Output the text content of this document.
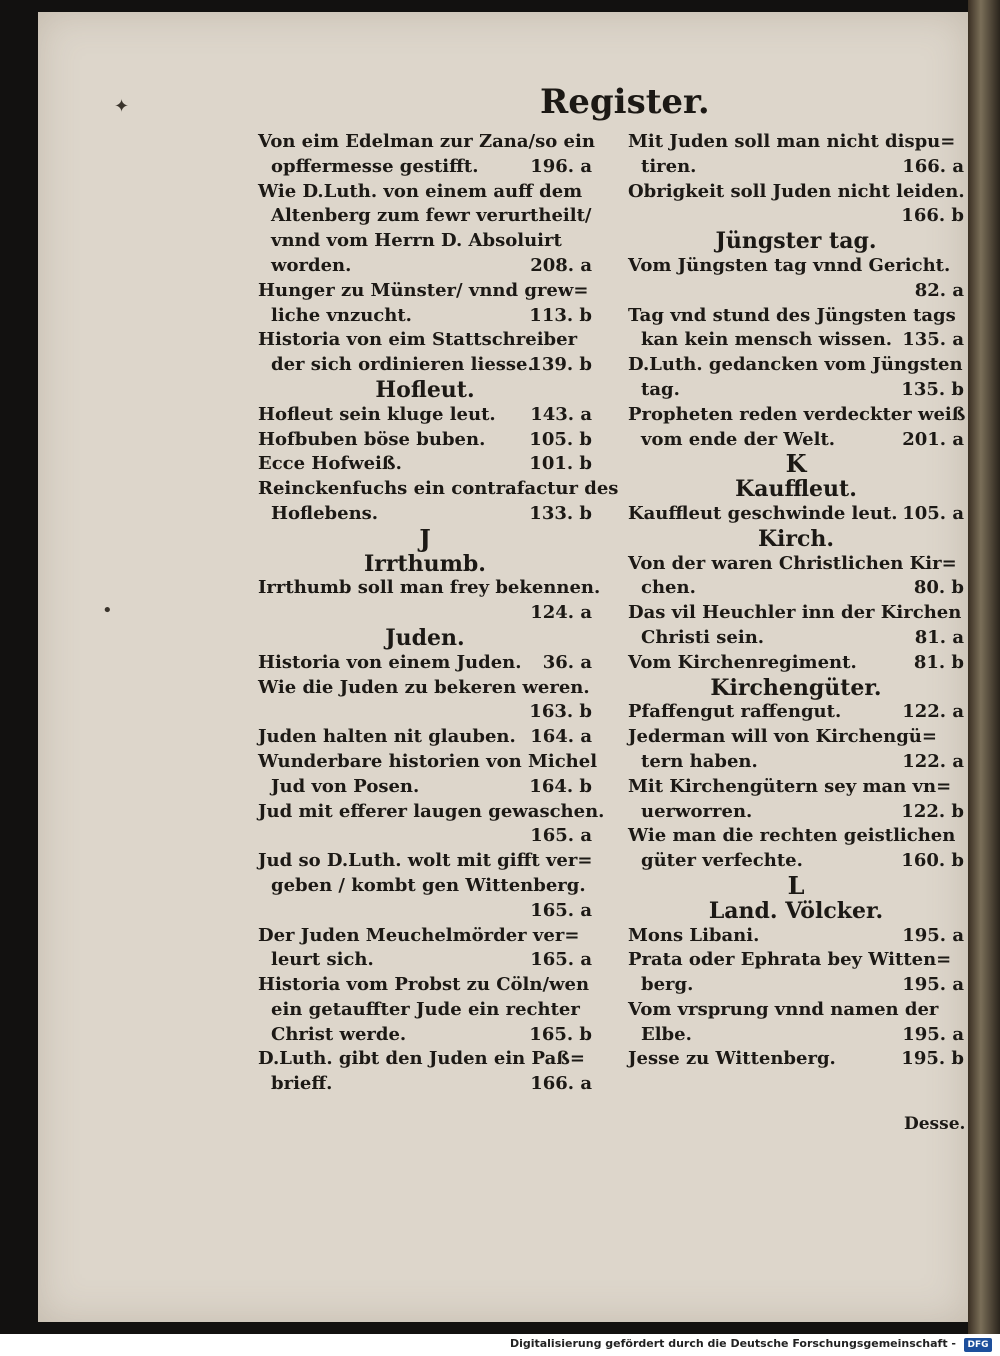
✦
•
Register.
Von eim Edelman zur Zana/so ein
opffermesse gestifft.	196. a
Wie D.Luth. von einem auff dem
Altenberg zum fewr verurtheilt/
vnnd vom Herrn D. Absoluirt
worden.	208. a
Hunger zu Münster/ vnnd grew=
liche vnzucht.	113. b
Historia von eim Stattschreiber
der sich ordinieren liesse.
139. b
Hofleut.
Hofleut sein kluge leut. 143. a
Hofbuben böse buben. 105. b
Ecce Hofweiß.	101. b
Reinckenfuchs ein contrafactur des
Hoflebens.	133. b
J
Irrthumb.
Irrthumb soll man frey bekennen.
124. a
Juden.
Historia von einem Juden. 36. a
Wie die Juden zu bekeren weren.
163. b
Juden halten nit glauben. 164. a
Wunderbare historien von Michel
Jud von Posen.	164. b
Jud mit efferer laugen gewaschen.
165. a
Jud so D.Luth. wolt mit gifft ver=
geben / kombt gen Wittenberg.
165. a
Der Juden Meuchelmörder ver=
leurt sich.	165. a
Historia vom Probst zu Cöln/wen
ein getauffter Jude ein rechter
Christ werde.	165. b
D.Luth. gibt den Juden ein Paß=
brieff.	166. a
Mit Juden soll man nicht dispu=
tiren.	166. a
Obrigkeit soll Juden nicht leiden.
166. b
Jüngster tag.
Vom Jüngsten tag vnnd Gericht.
82. a
Tag vnd stund des Jüngsten tags
kan kein mensch wissen. 135. a
D.Luth. gedancken vom Jüngsten
tag.	135. b
Propheten reden verdeckter weiß
vom ende der Welt.	201. a
K
Kauffleut.
Kauffleut geschwinde leut. 105. a
Kirch.
Von der waren Christlichen Kir=
chen.	80. b
Das vil Heuchler inn der Kirchen
Christi sein.	81. a
Vom Kirchenregiment.	81. b
Kirchengüter.
Pfaffengut raffengut.	122. a
Jederman will von Kirchengü=
tern haben.	122. a
Mit Kirchengütern sey man vn=
uerworren.	122. b
Wie man die rechten geistlichen
güter verfechte.	160. b
L
Land. Völcker.
Mons Libani.	195. a
Prata oder Ephrata bey Witten=
berg.	195. a
Vom vrsprung vnnd namen der
Elbe.	195. a
Jesse zu Wittenberg.	195. b
Desse.
Digitalisierung gefördert durch die Deutsche Forschungsgemeinschaft -	DFG
